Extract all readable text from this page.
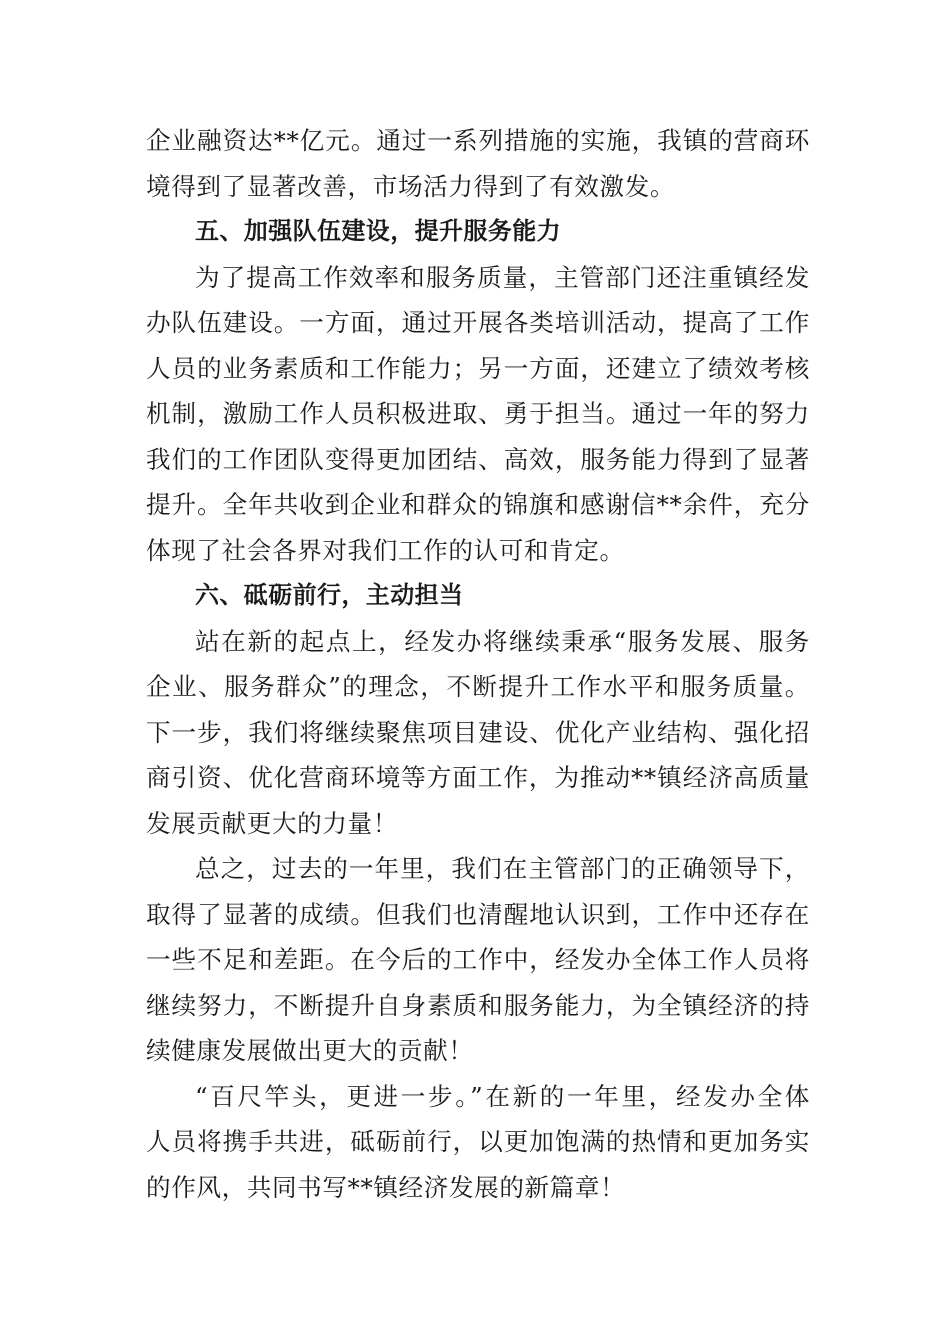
企业融资达**亿元。通过一系列措施的实施，我镇的营商环
境得到了显著改善，市场活力得到了有效激发。
五、加强队伍建设，提升服务能力
为了提高工作效率和服务质量，主管部门还注重镇经发
办队伍建设。一方面，通过开展各类培训活动，提高了工作
人员的业务素质和工作能力；另一方面，还建立了绩效考核
机制，激励工作人员积极进取、勇于担当。通过一年的努力
我们的工作团队变得更加团结、高效，服务能力得到了显著
提升。全年共收到企业和群众的锦旗和感谢信**余件，充分
体现了社会各界对我们工作的认可和肯定。
六、砥砺前行，主动担当
站在新的起点上，经发办将继续秉承“服务发展、服务
企业、服务群众”的理念，不断提升工作水平和服务质量。
下一步，我们将继续聚焦项目建设、优化产业结构、强化招
商引资、优化营商环境等方面工作，为推动**镇经济高质量
发展贡献更大的力量！
总之，过去的一年里，我们在主管部门的正确领导下，
取得了显著的成绩。但我们也清醒地认识到，工作中还存在
一些不足和差距。在今后的工作中，经发办全体工作人员将
继续努力，不断提升自身素质和服务能力，为全镇经济的持
续健康发展做出更大的贡献！
“百尺竿头，更进一步。”在新的一年里，经发办全体
人员将携手共进，砥砺前行，以更加饱满的热情和更加务实
的作风，共同书写**镇经济发展的新篇章！
